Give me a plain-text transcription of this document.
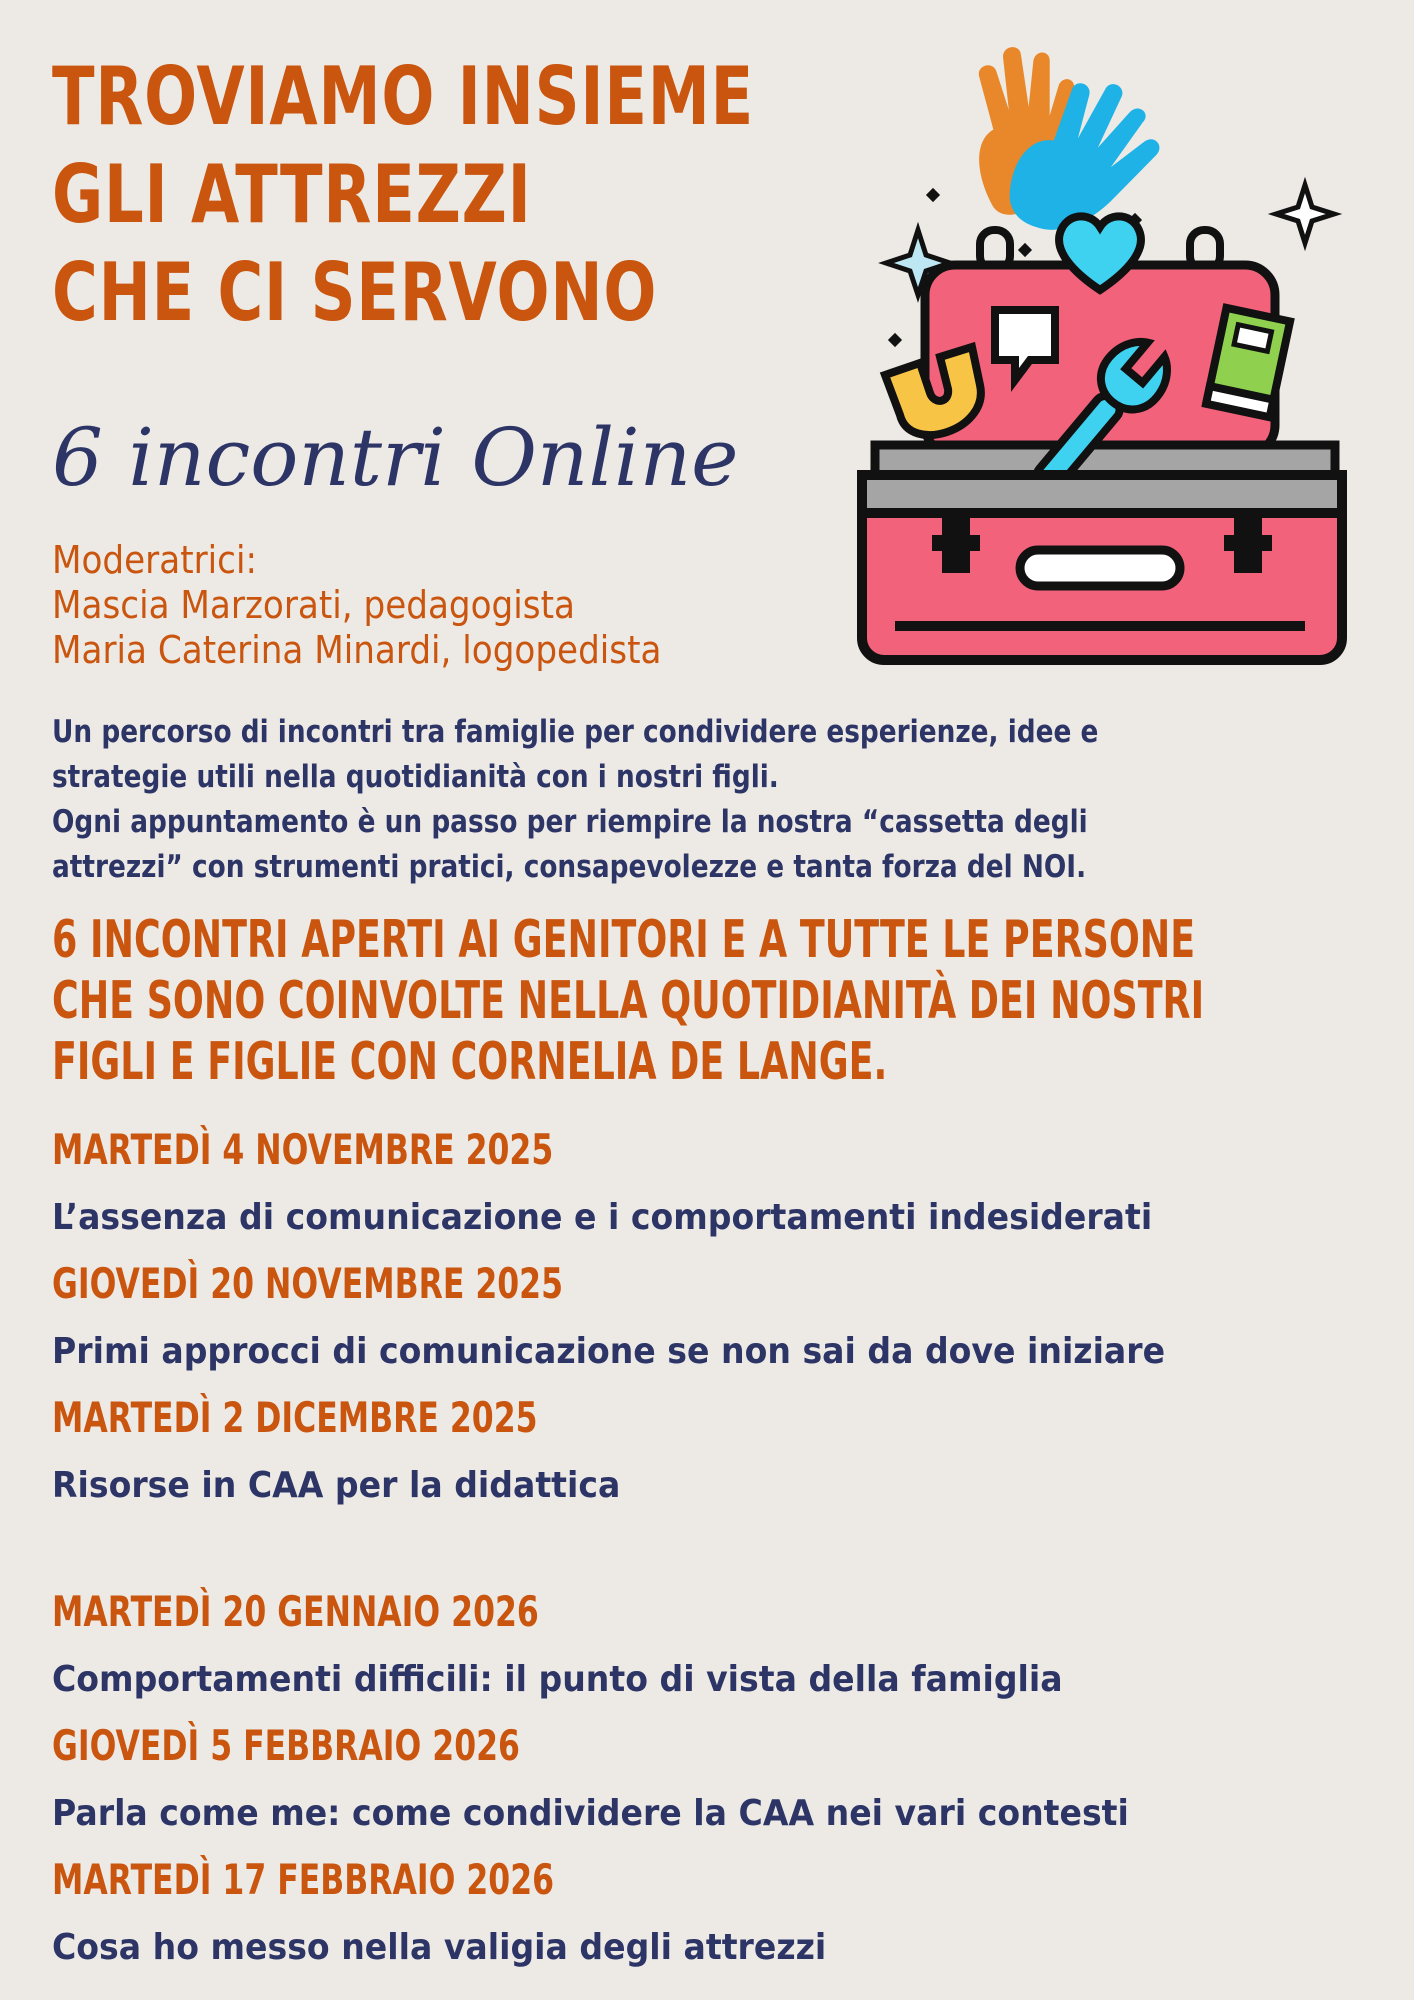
TROVIAMO INSIEME
GLI ATTREZZI
CHE CI SERVONO
6 incontri Online
Moderatrici:
Mascia Marzorati, pedagogista
Maria Caterina Minardi, logopedista
Un percorso di incontri tra famiglie per condividere esperienze, idee e
strategie utili nella quotidianità con i nostri figli.
Ogni appuntamento è un passo per riempire la nostra “cassetta degli
attrezzi” con strumenti pratici, consapevolezze e tanta forza del NOI.
6 INCONTRI APERTI AI GENITORI E A TUTTE LE PERSONE
CHE SONO COINVOLTE NELLA QUOTIDIANITÀ DEI NOSTRI
FIGLI E FIGLIE CON CORNELIA DE LANGE.
MARTEDÌ 4 NOVEMBRE 2025
L’assenza di comunicazione e i comportamenti indesiderati
GIOVEDÌ 20 NOVEMBRE 2025
Primi approcci di comunicazione se non sai da dove iniziare
MARTEDÌ 2 DICEMBRE 2025
Risorse in CAA per la didattica
MARTEDÌ 20 GENNAIO 2026
Comportamenti difficili: il punto di vista della famiglia
GIOVEDÌ 5 FEBBRAIO 2026
Parla come me: come condividere la CAA nei vari contesti
MARTEDÌ 17 FEBBRAIO 2026
Cosa ho messo nella valigia degli attrezzi
